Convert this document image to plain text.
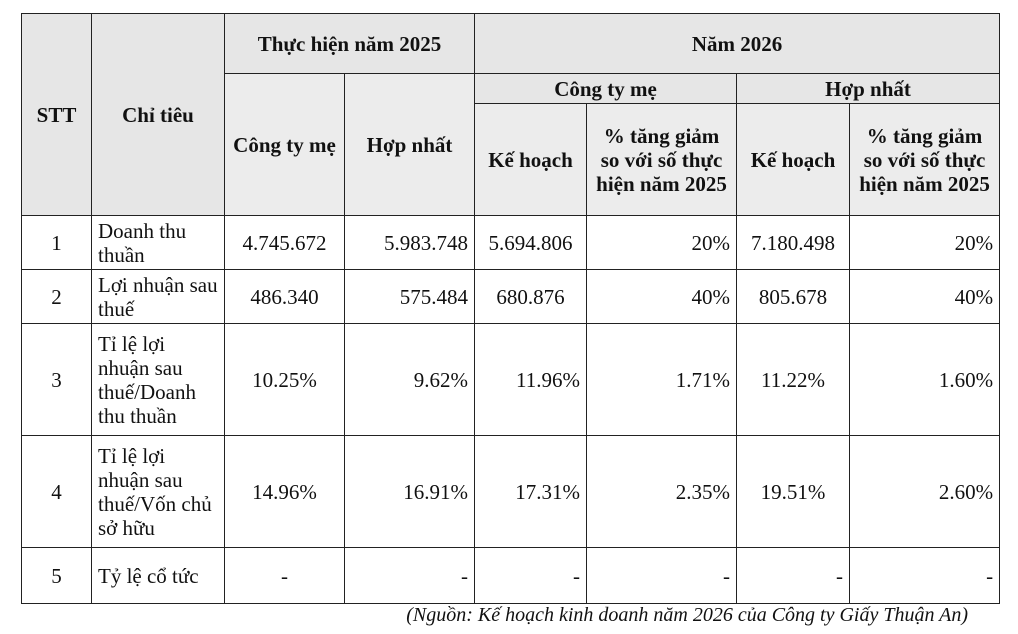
STT	Chỉ tiêu	Thực hiện năm 2025		Năm 2026			
		Công ty mẹ	Hợp nhất	Công ty mẹ		Hợp nhất	
				Kế hoạch	% tăng giảm so với số thực hiện năm 2025	Kế hoạch	% tăng giảm so với số thực hiện năm 2025
1	Doanh thu thuần	4.745.672	5.983.748	5.694.806	20%	7.180.498	20%
2	Lợi nhuận sau thuế	486.340	575.484	680.876	40%	805.678	40%
3	Tỉ lệ lợi nhuận sau thuế/Doanh thu thuần	10.25%	9.62%	11.96%	1.71%	11.22%	1.60%
4	Tỉ lệ lợi nhuận sau thuế/Vốn chủ sở hữu	14.96%	16.91%	17.31%	2.35%	19.51%	2.60%
5	Tỷ lệ cổ tức	-	-	-	-	-	-
(Nguồn: Kế hoạch kinh doanh năm 2026 của Công ty Giấy Thuận An)
